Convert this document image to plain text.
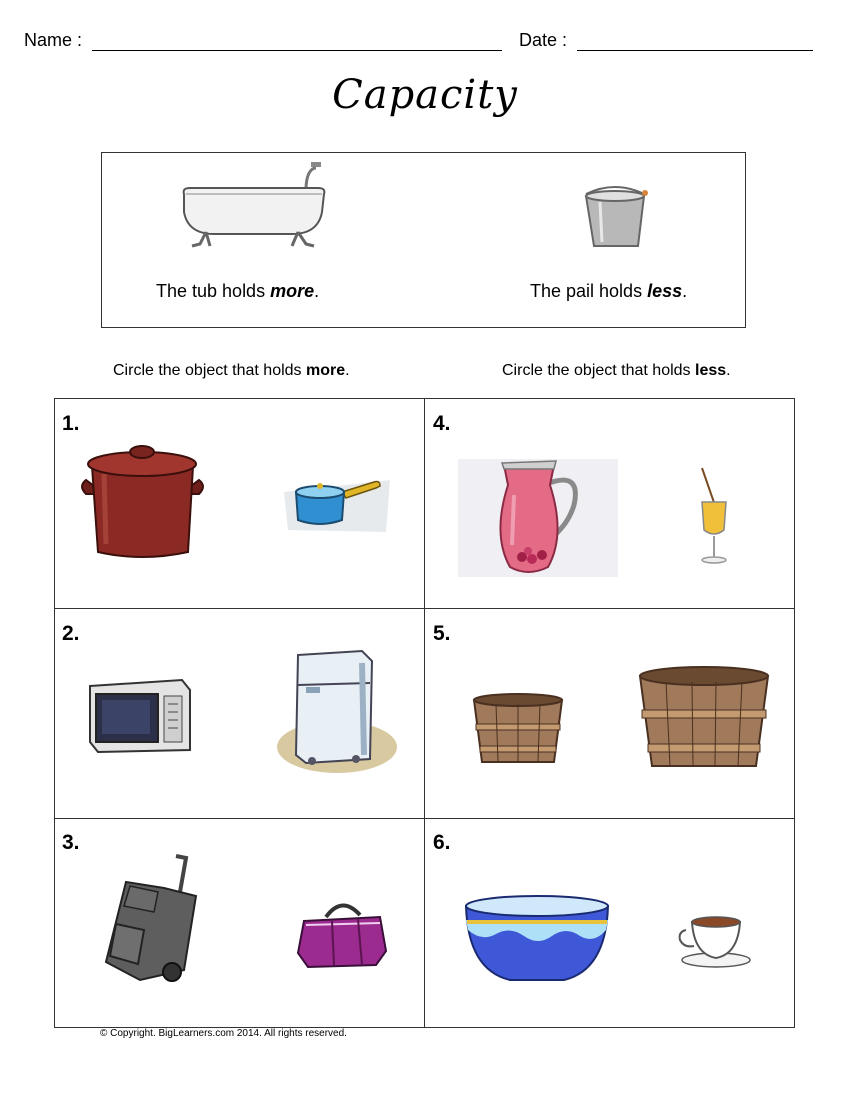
Name :	Date :
Capacity
The tub holds more.	The pail holds less.
Circle the object that holds more.	Circle the object that holds less.
1.
2.
3.
4.
5.
6.
© Copyright. BigLearners.com 2014. All rights reserved.
